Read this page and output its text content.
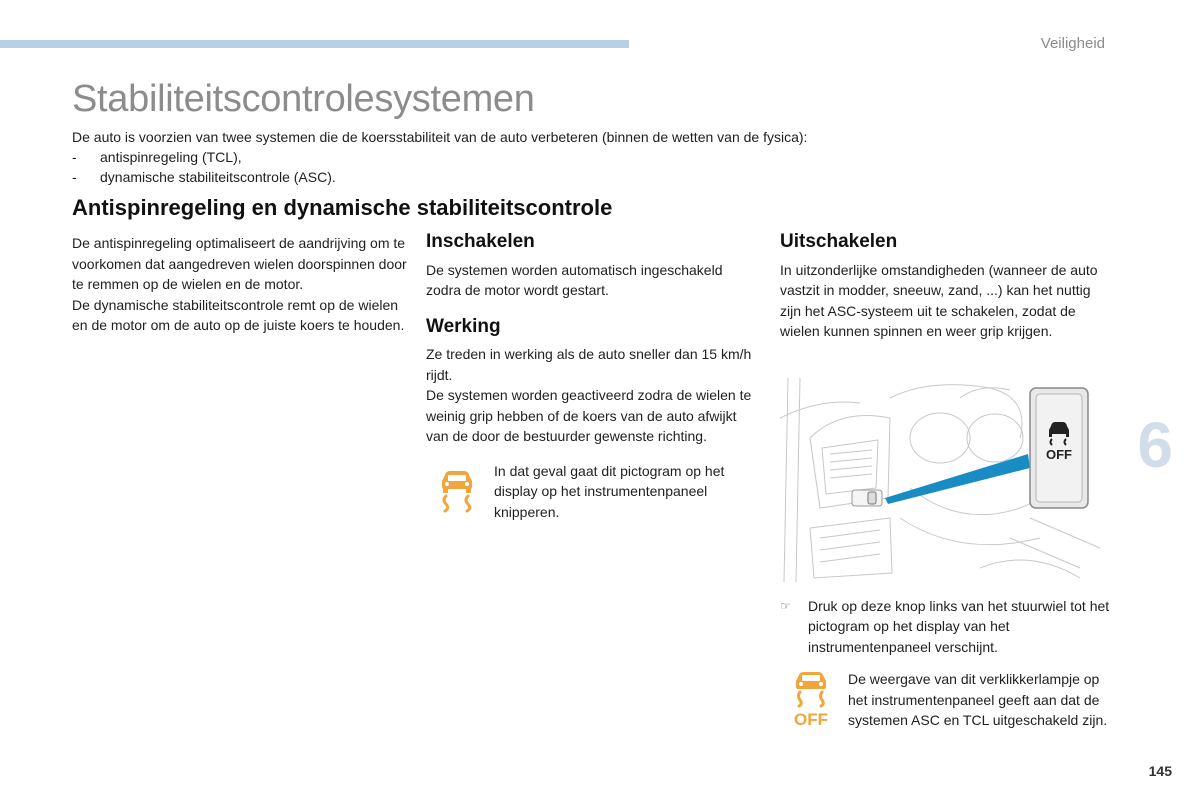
Veiligheid
Stabiliteitscontrolesystemen

De auto is voorzien van twee systemen die de koersstabiliteit van de auto verbeteren (binnen de wetten van de fysica):

- antispinregeling (TCL),
- dynamische stabiliteitscontrole (ASC).
Antispinregeling en dynamische stabiliteitscontrole

De antispinregeling optimaliseert de aandrijving om te voorkomen dat aangedreven wielen doorspinnen door te remmen op de wielen en de motor.

De dynamische stabiliteitscontrole remt op de wielen en de motor om de auto op de juiste koers te houden.

Inschakelen

De systemen worden automatisch ingeschakeld zodra de motor wordt gestart.

Werking

Ze treden in werking als de auto sneller dan 15 km/h rijdt.

De systemen worden geactiveerd zodra de wielen te weinig grip hebben of de koers van de auto afwijkt van de door de bestuurder gewenste richting.

In dat geval gaat dit pictogram op het display op het instrumentenpaneel knipperen.
Uitschakelen

In uitzonderlijke omstandigheden (wanneer de auto vastzit in modder, sneeuw, zand, ...) kan het nuttig zijn het ASC-systeem uit te schakelen, zodat de wielen kunnen spinnen en weer grip krijgen.

OFF
☞ Druk op deze knop links van het stuurwiel tot het pictogram op het display van het instrumentenpaneel verschijnt.
OFF
De weergave van dit verklikkerlampje op het instrumentenpaneel geeft aan dat de systemen ASC en TCL uitgeschakeld zijn.
6
145
